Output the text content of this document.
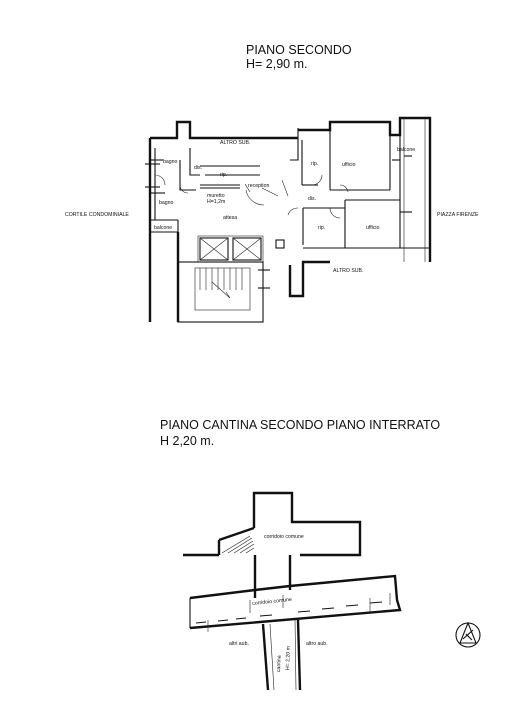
PIANO SECONDO
H= 2,90 m.
ALTRO SUB.
bagno
dis.
rip.
rip.	ufficio
balcone
reception
muretto
H=1,2m
bagno
dis.
CORTILE CONDOMINIALE	attesa	PIAZZA FIRENZE
rip.	ufficio
balcone
ALTRO SUB.
PIANO CANTINA SECONDO PIANO INTERRATO
H 2,20 m.
corridoio comune
corridoio comune
altri aub.	altro aub.
cantina H= 2,20 m
